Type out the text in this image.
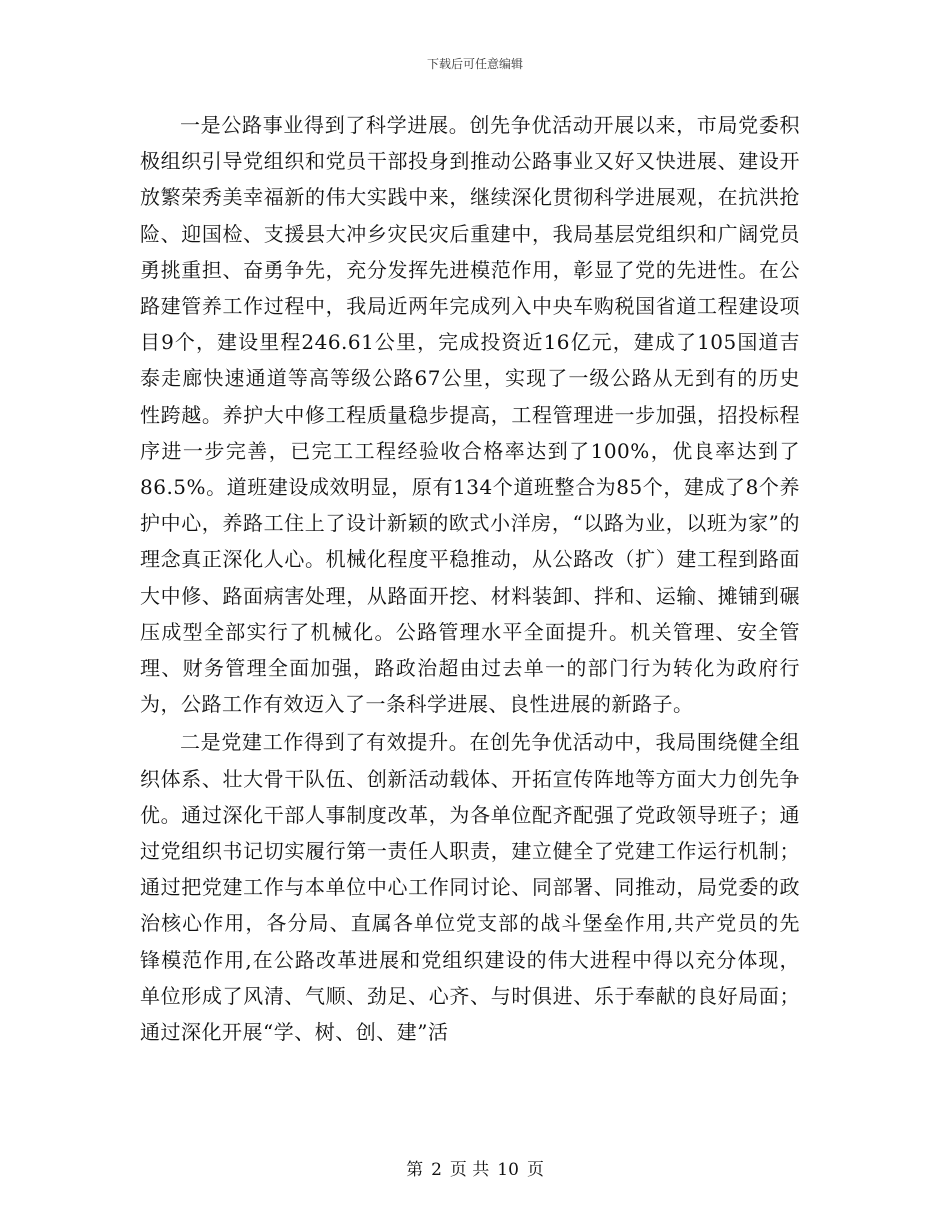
下载后可任意编辑

一是公路事业得到了科学进展。创先争优活动开展以来，市局党委积极组织引导党组织和党员干部投身到推动公路事业又好又快进展、建设开放繁荣秀美幸福新的伟大实践中来，继续深化贯彻科学进展观，在抗洪抢险、迎国检、支援县大冲乡灾民灾后重建中，我局基层党组织和广阔党员勇挑重担、奋勇争先，充分发挥先进模范作用，彰显了党的先进性。在公路建管养工作过程中，我局近两年完成列入中央车购税国省道工程建设项目9个，建设里程246.61公里，完成投资近16亿元，建成了105国道吉泰走廊快速通道等高等级公路67公里，实现了一级公路从无到有的历史性跨越。养护大中修工程质量稳步提高，工程管理进一步加强，招投标程序进一步完善，已完工工程经验收合格率达到了100%，优良率达到了86.5%。道班建设成效明显，原有134个道班整合为85个，建成了8个养护中心，养路工住上了设计新颖的欧式小洋房，“以路为业，以班为家”的理念真正深化人心。机械化程度平稳推动，从公路改（扩）建工程到路面大中修、路面病害处理，从路面开挖、材料装卸、拌和、运输、摊铺到碾压成型全部实行了机械化。公路管理水平全面提升。机关管理、安全管理、财务管理全面加强，路政治超由过去单一的部门行为转化为政府行为，公路工作有效迈入了一条科学进展、良性进展的新路子。

二是党建工作得到了有效提升。在创先争优活动中，我局围绕健全组织体系、壮大骨干队伍、创新活动载体、开拓宣传阵地等方面大力创先争优。通过深化干部人事制度改革，为各单位配齐配强了党政领导班子；通过党组织书记切实履行第一责任人职责，建立健全了党建工作运行机制；通过把党建工作与本单位中心工作同讨论、同部署、同推动，局党委的政治核心作用，各分局、直属各单位党支部的战斗堡垒作用,共产党员的先锋模范作用,在公路改革进展和党组织建设的伟大进程中得以充分体现，单位形成了风清、气顺、劲足、心齐、与时俱进、乐于奉献的良好局面；通过深化开展“学、树、创、建”活

第 2 页 共 10 页
